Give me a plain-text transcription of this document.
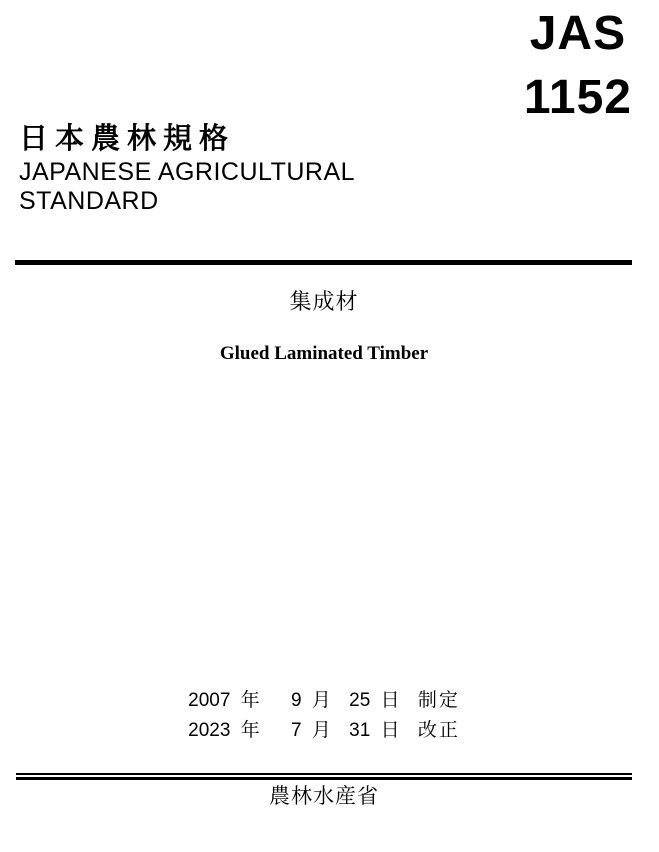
JAS
1152
日本農林規格
JAPANESE AGRICULTURAL
STANDARD
集成材
Glued Laminated Timber
2007 年 9 月 25 日 制定
2023 年 7 月 31 日 改正
農林水産省
